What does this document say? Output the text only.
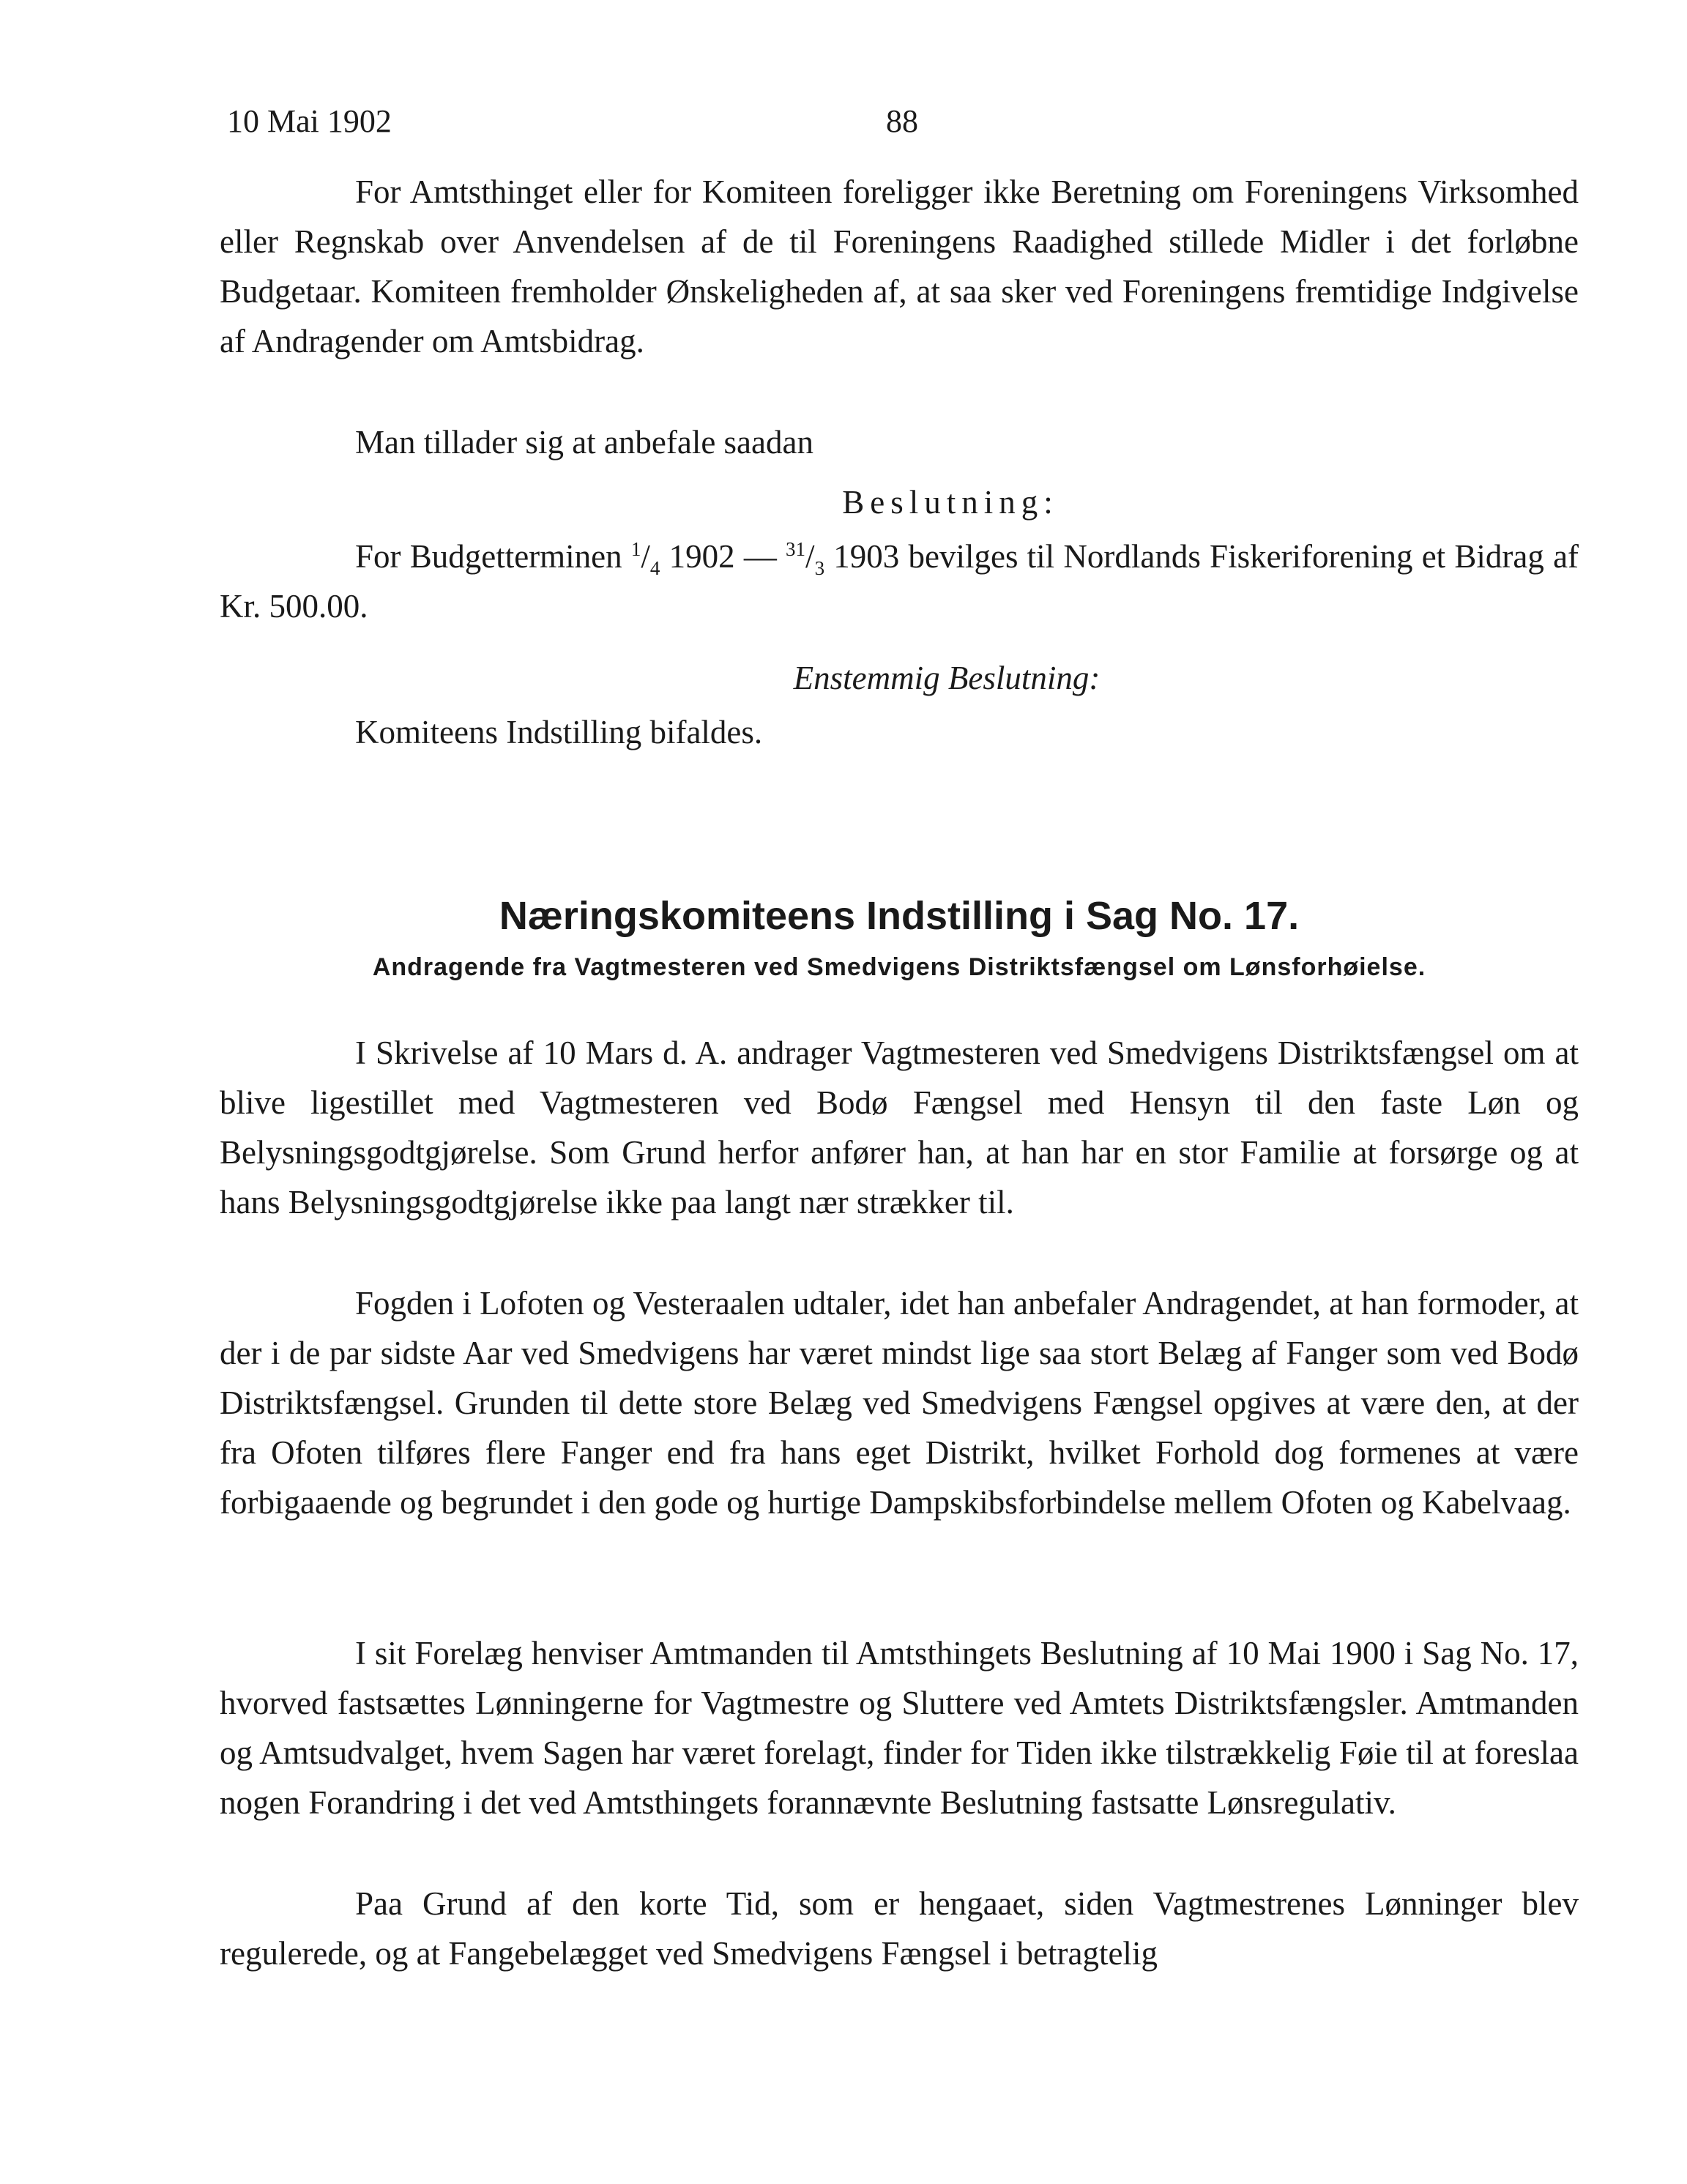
10 Mai 1902	88

For Amtsthinget eller for Komiteen foreligger ikke Beretning om Foreningens Virksomhed eller Regnskab over Anvendelsen af de til Foreningens Raadighed stillede Midler i det forløbne Budgetaar. Komiteen fremholder Ønskeligheden af, at saa sker ved Foreningens fremtidige Indgivelse af Andragender om Amtsbidrag.

Man tillader sig at anbefale saadan

Beslutning:

For Budgetterminen $^1/_4$ 1902 — $^{31}/_3$ 1903 bevilges til Nordlands Fiskeriforening et Bidrag af Kr. 500.00.

Enstemmig Beslutning:

Komiteens Indstilling bifaldes.

Næringskomiteens Indstilling i Sag No. 17.
Andragende fra Vagtmesteren ved Smedvigens Distriktsfængsel om Lønsforhøielse.

I Skrivelse af 10 Mars d. A. andrager Vagtmesteren ved Smedvigens Distriktsfængsel om at blive ligestillet med Vagtmesteren ved Bodø Fængsel med Hensyn til den faste Løn og Belysningsgodtgjørelse. Som Grund herfor anfører han, at han har en stor Familie at forsørge og at hans Belysningsgodtgjørelse ikke paa langt nær strækker til.

Fogden i Lofoten og Vesteraalen udtaler, idet han anbefaler Andragendet, at han formoder, at der i de par sidste Aar ved Smedvigens har været mindst lige saa stort Belæg af Fanger som ved Bodø Distriktsfængsel. Grunden til dette store Belæg ved Smedvigens Fængsel opgives at være den, at der fra Ofoten tilføres flere Fanger end fra hans eget Distrikt, hvilket Forhold dog formenes at være forbigaaende og begrundet i den gode og hurtige Dampskibsforbindelse mellem Ofoten og Kabelvaag.

I sit Forelæg henviser Amtmanden til Amtsthingets Beslutning af 10 Mai 1900 i Sag No. 17, hvorved fastsættes Lønningerne for Vagtmestre og Sluttere ved Amtets Distriktsfængsler. Amtmanden og Amtsudvalget, hvem Sagen har været forelagt, finder for Tiden ikke tilstrækkelig Føie til at foreslaa nogen Forandring i det ved Amtsthingets forannævnte Beslutning fastsatte Lønsregulativ.

Paa Grund af den korte Tid, som er hengaaet, siden Vagtmestrenes Lønninger blev regulerede, og at Fangebelægget ved Smedvigens Fængsel i betragtelig
